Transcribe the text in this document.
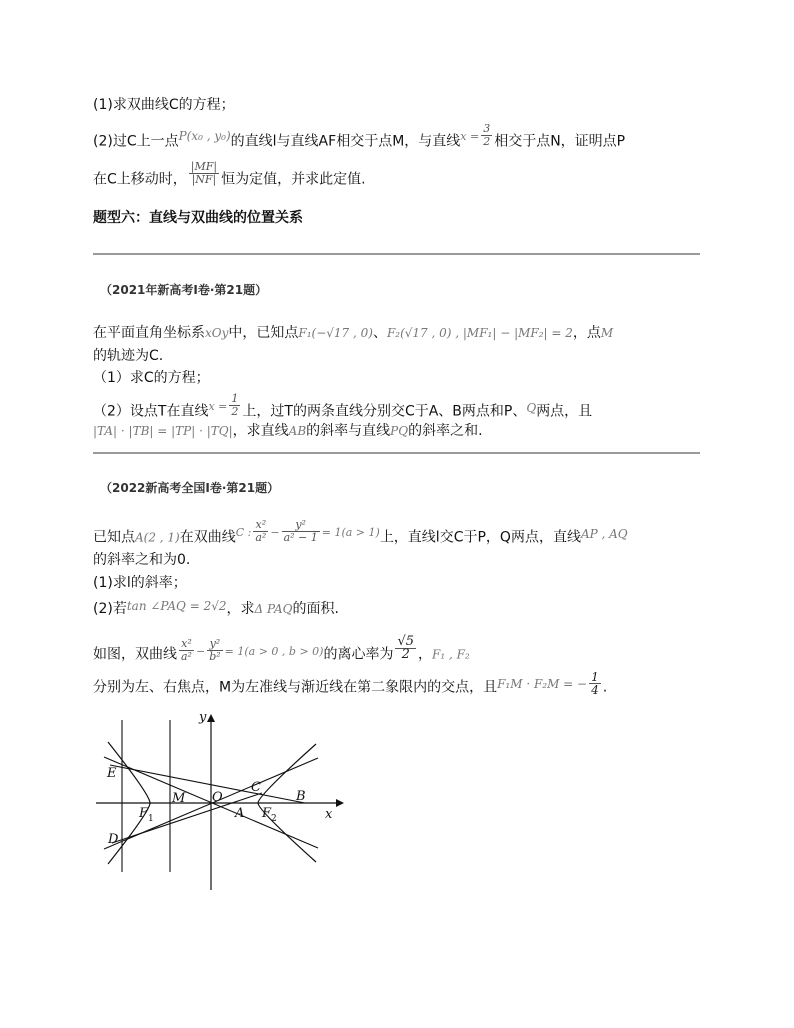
(1)求双曲线C的方程；
(2)过C上一点P(x₀ , y₀)的直线l与直线AF相交于点M，与直线$^{x =} \frac{3}{2}$ 相交于点N，证明点P
在C上移动时， $\frac{|MF|}{|NF|}$ 恒为定值，并求此定值.
题型六：直线与双曲线的位置关系
（2021年新高考Ⅰ卷·第21题）
在平面直角坐标系xOy中，已知点F₁(−√17 , 0)、F₂(√17 , 0) , |MF₁| − |MF₂| = 2，点M
的轨迹为C.
（1）求C的方程；
（2）设点T在直线$^{x =} \frac{1}{2}$ 上，过T的两条直线分别交C于A、B两点和P、Q两点，且
|TA| · |TB| = |TP| · |TQ|，求直线AB的斜率与直线PQ的斜率之和.
（2022新高考全国Ⅰ卷·第21题）
已知点A(2 , 1)在双曲线$^{C :} \frac{\text{x²}}{\text{a²}} ^- \frac{\text{y²}}{\text{a² − 1}} ^{= 1(a > 1)}$上，直线l交C于P，Q两点，直线AP , AQ
的斜率之和为0.
(1)求l的斜率；
(2)若tan ∠PAQ = 2√2，求Δ PAQ的面积.
如图，双曲线 $\frac{\text{x²}}{\text{a²}} ^- \frac{\text{y²}}{\text{b²}} ^{= 1(a > 0 , b > 0)}$的离心率为 $\frac{√5}{2}$ ，F₁ , F₂
分别为左、右焦点，M为左准线与渐近线在第二象限内的交点，且F₁M · F₂M = − $\frac{1}{4}$ .
y
x
E
D
M O
C
B
A
$F_1$	$F_2$
